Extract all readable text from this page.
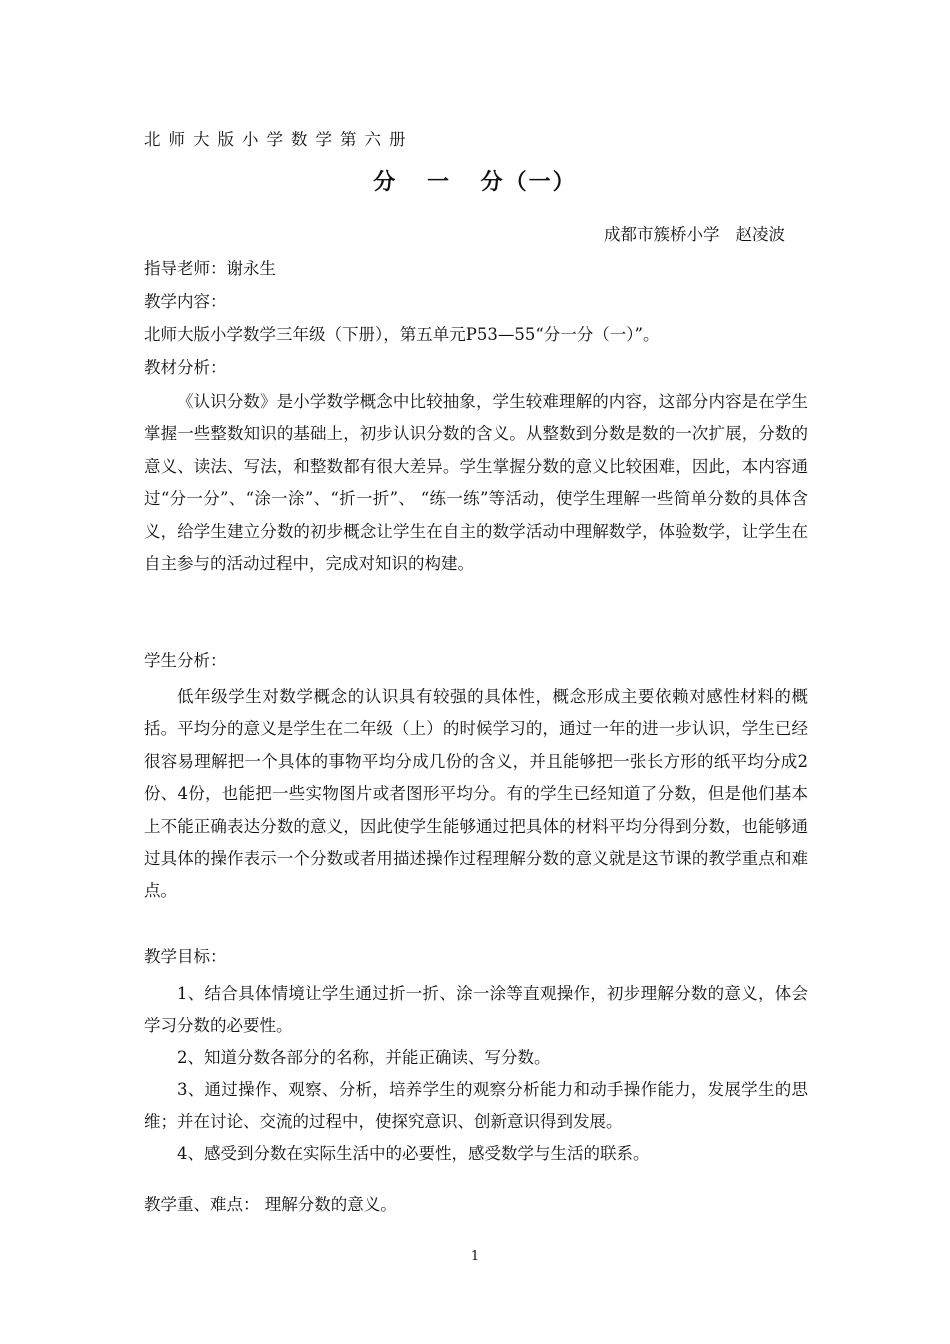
北师大版小学数学第六册
分 一 分（一）
成都市簇桥小学 赵凌波
指导老师：谢永生
教学内容：
北师大版小学数学三年级（下册），第五单元P53—55“分一分（一）”。
教材分析：

《认识分数》是小学数学概念中比较抽象，学生较难理解的内容，这部分内容是在学生掌握一些整数知识的基础上，初步认识分数的含义。从整数到分数是数的一次扩展，分数的意义、读法、写法，和整数都有很大差异。学生掌握分数的意义比较困难，因此，本内容通过“分一分”、“涂一涂”、“折一折”、 “练一练”等活动，使学生理解一些简单分数的具体含义，给学生建立分数的初步概念让学生在自主的数学活动中理解数学，体验数学，让学生在自主参与的活动过程中，完成对知识的构建。

学生分析：

低年级学生对数学概念的认识具有较强的具体性，概念形成主要依赖对感性材料的概括。平均分的意义是学生在二年级（上）的时候学习的，通过一年的进一步认识，学生已经很容易理解把一个具体的事物平均分成几份的含义，并且能够把一张长方形的纸平均分成2份、4份，也能把一些实物图片或者图形平均分。有的学生已经知道了分数，但是他们基本上不能正确表达分数的意义，因此使学生能够通过把具体的材料平均分得到分数，也能够通过具体的操作表示一个分数或者用描述操作过程理解分数的意义就是这节课的教学重点和难点。

教学目标：

1、结合具体情境让学生通过折一折、涂一涂等直观操作，初步理解分数的意义，体会学习分数的必要性。

2、知道分数各部分的名称，并能正确读、写分数。

3、通过操作、观察、分析，培养学生的观察分析能力和动手操作能力，发展学生的思维；并在讨论、交流的过程中，使探究意识、创新意识得到发展。

4、感受到分数在实际生活中的必要性，感受数学与生活的联系。

教学重、难点： 理解分数的意义。
1
